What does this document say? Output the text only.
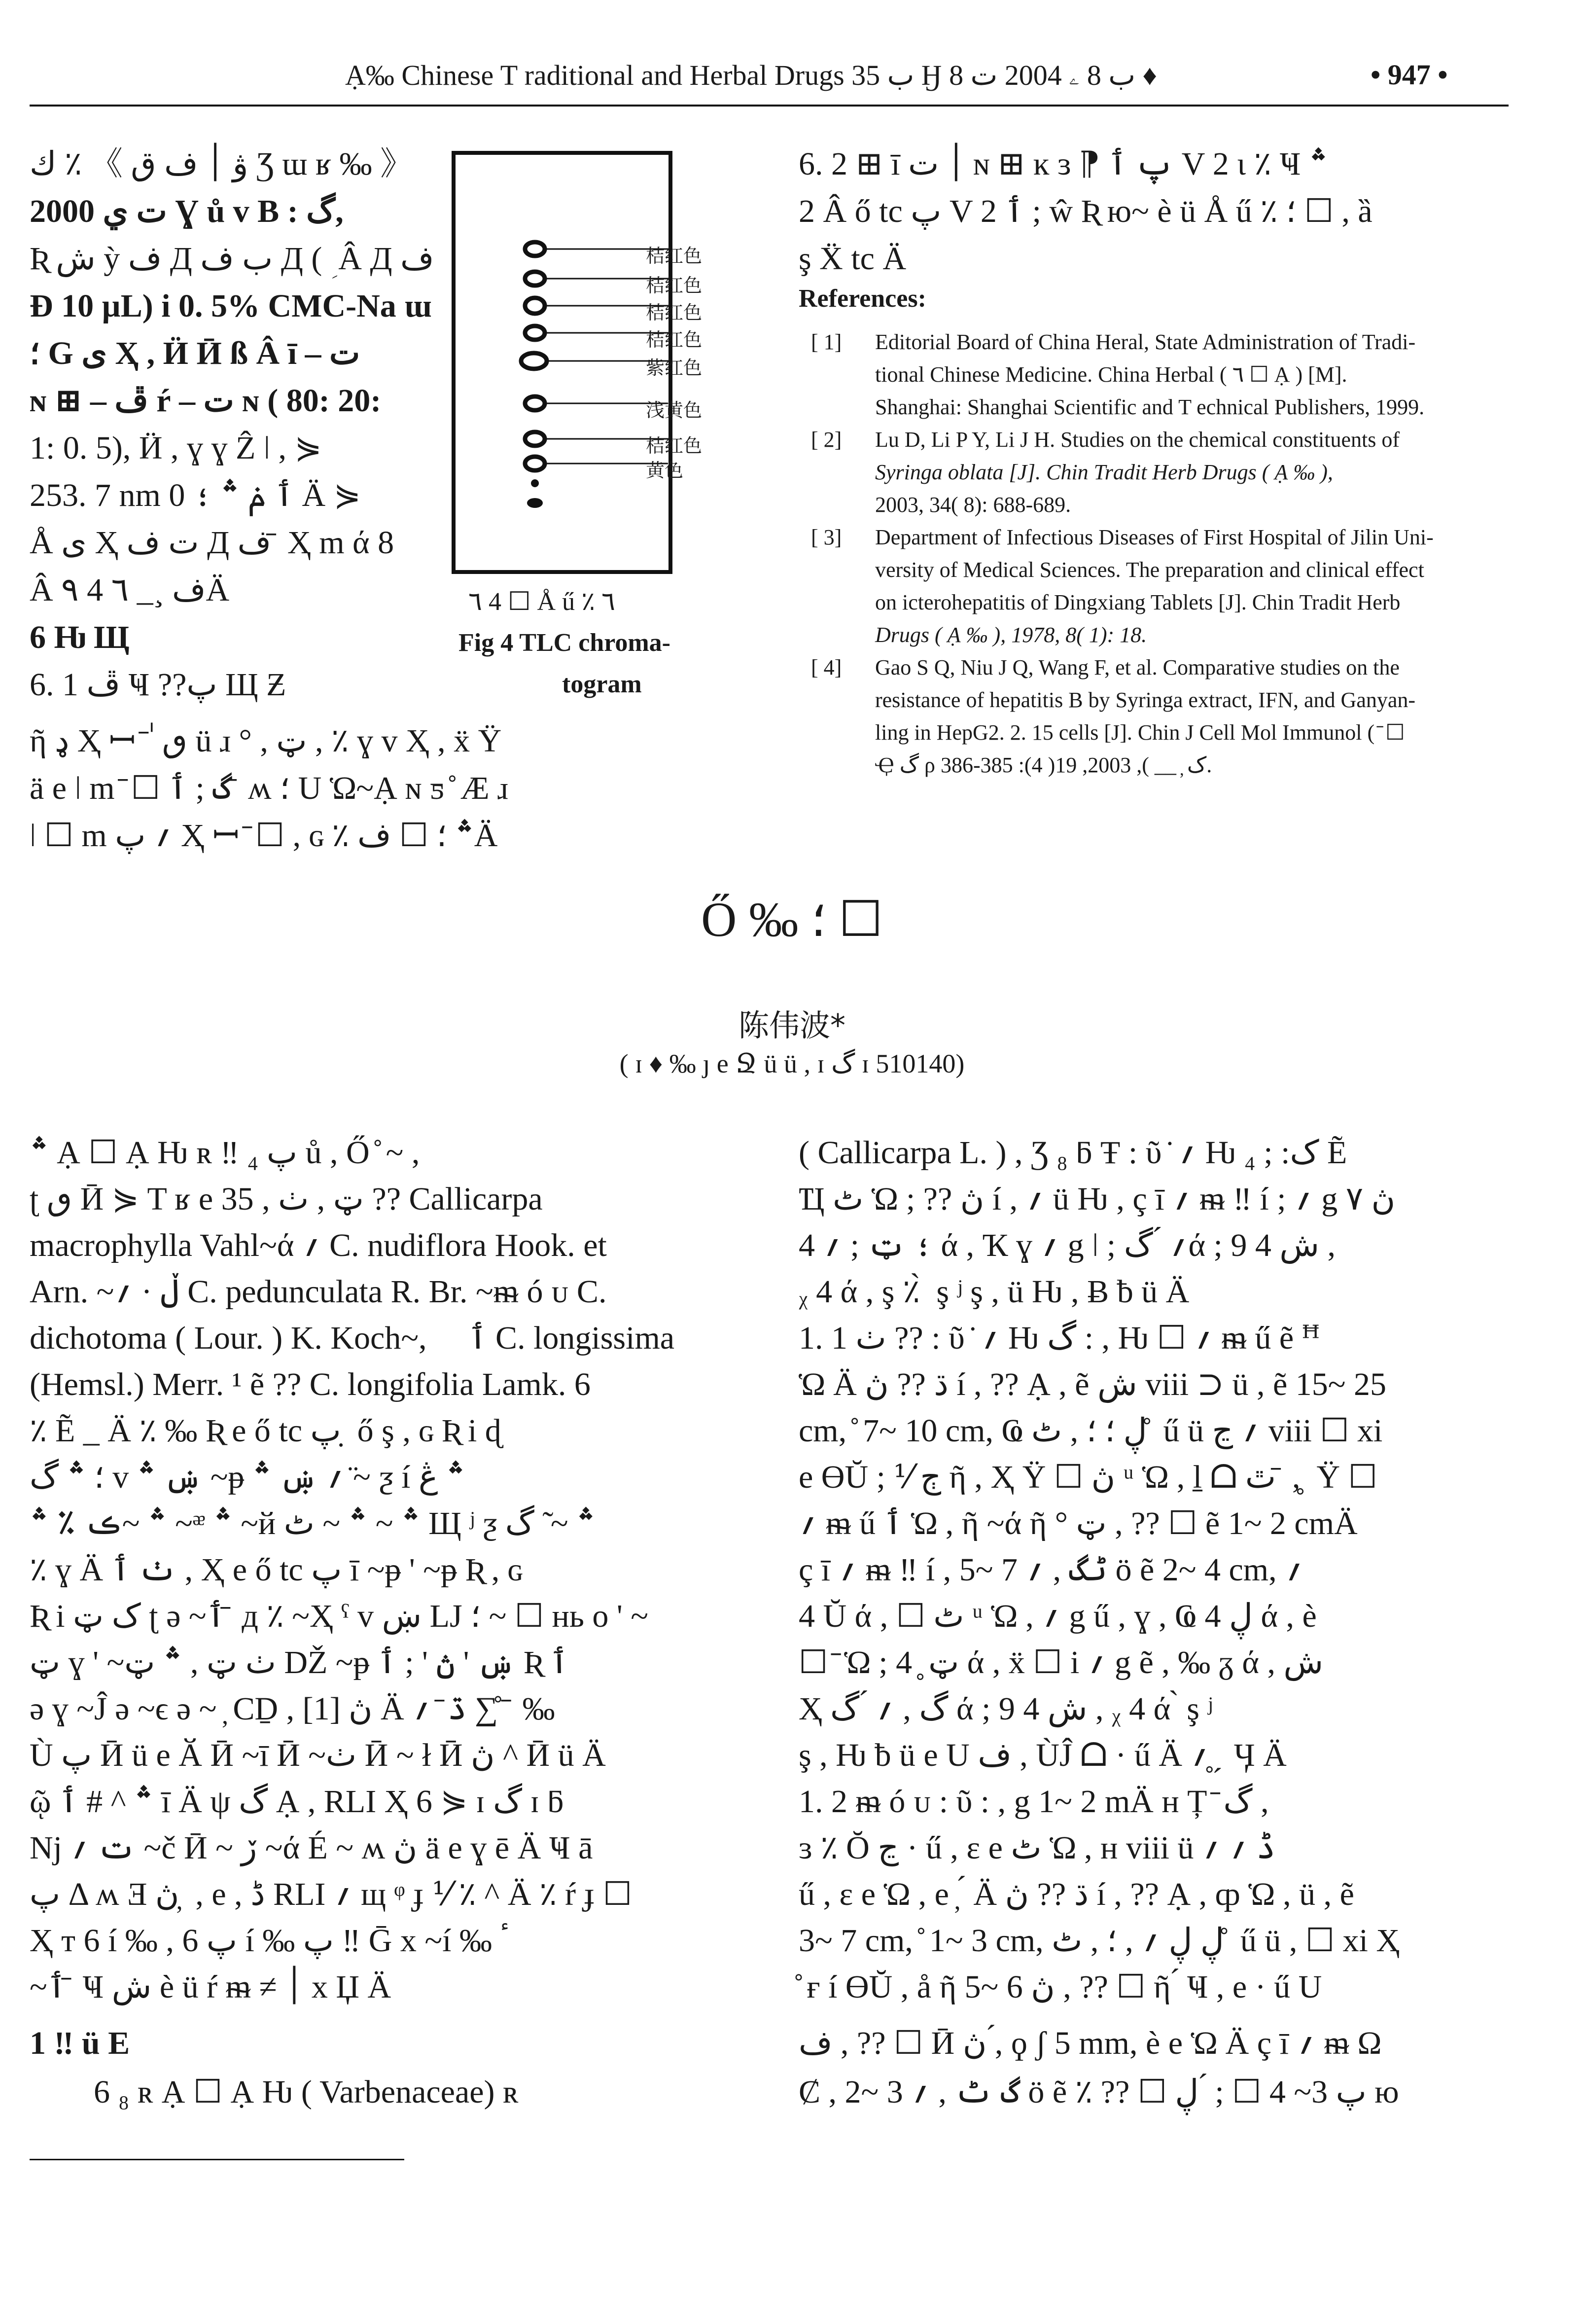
Ạ‰ Chinese T raditional and Herbal Drugs ب 35 Ӈ ب 8 ۦ 2004 ت 8 ♦	• 947 •
ك ٪ 《 ۋ ׀ ف ق Ʒ ɯ ʁ ‰ 》
2000 ت ي Ɣ ů v B : گ,
Ʀ ش ỳ ف Д ب ف Д ( ؚ Â Д ف
Ð 10 µL) i 0. 5% CMC-Na ɯ
؛ G ى Ҳ , Ӥ Ӣ ß Â ī – ت
ɴ ⊞ – ڦ ŕ – ت ɴ ( 80: 20:
1: 0. 5), Ӥ , ɣ ɣ Ẑ ǀ , ⋟
253. 7 nm ٲ ݥ ؞ ؛ 0 Ä ⋟
Å ى Ҳ ت ف Д ف ̄ Ҳ m ά 8
Â ۹ ف ¸_ ٦ 4Ä
6 Ƕ Щ
6. 1 ڦ Ҹ ??پ Щ Ƶ
桔红色
桔红色
桔红色
桔红色
紫红色
浅黄色
桔红色
黄色
٦ 4 ☐ Å ű ٪ ٦
Fig 4 TLC chroma-
togram
ῆ ډ Ҳ ꟷ ̄ ٰ ٯ ü ɹ ° , ټ , ٪ ɣ v Ҳ , ẍ Ÿ
ä e ǀ m ̄ ☐ گ ; ٲ ̄ ʍ ؛ U Ὡ~Ạ ɴ ƽ ̊ Ӕ ɹ
ǀ ☐ m ؍ پ Ҳ ꟷ ̄ ☐ , ɢ ٪ ؞ ؛ ☐ فÄ
6. 2 ⊞ ī ׀ ت ɴ ⊞ ĸ ɜ ⁋ پ ٲ V 2 ɩ ٪ Ҹ ؞
2 Â ő tc پ V 2 ٲ ; ŵ Ʀ ю~ è ü Å ű ٪ ؛ ☐ , ȁ
ş Ẍ tc Ä
References:
[ 1] Editorial Board of China Heral, State Administration of Tradi-
tional Chinese Medicine. China Herbal ( ٦ ☐ Ạ ) [M].
Shanghai: Shanghai Scientific and T echnical Publishers, 1999.
[ 2] Lu D, Li P Y, Li J H. Studies on the chemical constituents of
Syringa oblata [J]. Chin Tradit Herb Drugs ( Ạ ‰ ),
2003, 34( 8): 688-689.
[ 3] Department of Infectious Diseases of First Hospital of Jilin Uni-
versity of Medical Sciences. The preparation and clinical effect
on icterohepatitis of Dingxiang Tablets [J]. Chin Tradit Herb
Drugs ( Ạ ‰ ), 1978, 8( 1): 18.
[ 4] Gao S Q, Niu J Q, Wang F, et al. Comparative studies on the
resistance of hepatitis B by Syringa extract, IFN, and Ganyan-
ling in HepG2. 2. 15 cells [J]. Chin J Cell Mol Immunol ( ̄ ☐
Ҿ گ ρ ک ̦ __ ), 2003, 19( 4): 385-386.
Ő ‰ ؛ ☐
陈伟波*
( ɪ ♦ ‰ ȷ e Ջ ü ü , ɪ گ ɪ 510140)
؞ Ạ ☐ Ạ Ƕ ʀ ‼ پ ₄ ů , Ő ̊ ~ ,
ʈ ٯ Ӣ ⋟ T ʁ e 35 , ټ , ٺ ?? Callicarpa
macrophylla Vahl~ά ؍ C. nudiflora Hook. et
Arn. ~ڵ · ؍ C. pedunculata R. Br. ~ᵯ ó ᴜ C.
dichotoma ( Lour. ) K. Koch~, ᷍ ٲ C. longissima
(Hemsl.) Merr. ¹ ẽ ?? C. longifolia Lamk. 6
٪ Ẽ _ Ä ٪ ‰ Ʀ e ő tc پ ̣ ő ş , ɢ Ʀ i ɖ
؛ ؞ گ v ښ ؞ ~ᵽ ؍ ښ ؞ ~̈ ƺ í ؞ ڠ
؞ ~ڪ ٪ ؞ ~ᵆ ؞ ~й ؞ ~ ؞ ~ ٹ Щ ʲ ƺ ؞ ~ ̃ گ
٪ ɣ Ä ٺ ٲ , Ҳ e ő tc پ ī ~ᵽ ' ~ᵽ Ʀ , ɢ
Ʀ i ک ټ ʈ ə ~ٲ ̄ д ٪ ~Ҳ ˤ v ښ LJ ؛ ~ ☐ нь o ' ~
ټ ɣ ' ~ٺ ټ , ؞ ټ Ǆ ~ᵽ ښ ' ڽ ' ; ٲ Ʀ ٲ
ə ɣ ~Ĵ ə ~ϵ ə ~ ̦ ϹḎ , ڽ [1] Ä ڌ ̄ ؍ ∑ ̊ ̄ ‰
Ù پ Ӣ ü e Ӑ Ӣ ~ī Ӣ ~ٺ Ӣ ~ ł Ӣ ڽ ^ Ӣ ü Ä
ῷ ؞ ^ # ٲ ī Ä ψ گ Ạ , RLI Ҳ 6 ⋟ ɪ گ ɪ ƃ
Nj ت ؍ ~č Ӣ ~ ڒ ~ά É ~ ʍ ڽ ä e ɣ ē Ä Ҹ ā
پ Δ ʍ Ǝ ڽ ̦ , e , ڈ RLI ؍ щ ᵠ ɟ ⅟ ٪ ^ Ä ٪ ŕ ɟ ☐
Ҳ ᴛ 6 í ‰ , پ 6 í ‰ پ ‼ Ḡ x ~í ‰ ٴ
~ٲ ̄ Ҹ ش è ü ŕ ᵯ ≠ ׀ x Џ Ä
1 ‼ ü E
6 ₈ ʀ Ạ ☐ Ạ Ƕ ( Varbenaceae) ʀ
( Callicarpa L. ) , Ʒ ₈ ƃ Ŧ : ῦ ̇ ؍ Ƕ ک: ; ₄ Ẽ
Ҵ ٹ Ὡ ; ?? ڽ í , ؍ ü Ƕ , ç ī ؍ ᵯ ‼ í ; ؍ g ڽ ٧
؛ ټ ; ؍ 4 ά , Ҡ ɣ ؍ g ǀ ; ؍ ́ گά ; ش 4 9 ,
ᵪ 4 ά , ş ٪ ̀ ş ʲ ş , ü Ƕ , Ƀ ƀ ü Ä
1. 1 ٺ ?? : ῦ ̇ ؍ Ƕ گ : , Ƕ ☐ ؍ ᵯ ű ẽ ꟸ
Ὡ Ä ڌ ?? ڽ í , ?? Ạ , ẽ ش viii ⊃ ü , ẽ 15~ 25
cm, ̊ 7~ 10 cm, Ҩ ڸ ؛ ؛ , ٹ ̊ ű ü ؍ ڃ viii ☐ xi
e ϴŬ ; ⅟ ڄ ῆ , Ҳ Ÿ ☐ ڽ ᵘ Ὡ , ḻ ᗝ ٿ ̄ , ̥ Ÿ ☐
؍ ᵯ ű ٲ Ὡ , ῆ ~ά ῆ ° ټ , ?? ☐ ẽ 1~ 2 cmÄ
ç ī ؍ ᵯ ‼ í , 5~ 7 ٹگ , ؍ ö ẽ 2~ 4 cm, ؍
4 Ŭ ά , ☐ ٹ ᵘ Ὡ , ؍ g ű , ɣ , Ҩ ڸ 4 ά , è
☐ ̄ Ὡ ; ټ ̥ 4 ά , ẍ ☐ i ؍ g ẽ , ‰ ᵹ ά , ش
Ҳ گ , ؍ ́ گ ά ; ش 4 9 , ᵪ 4 ά ̀ ş ʲ
ş , Ƕ ƀ ü e U ف , ÙĴ ᗝ · ű Ä ؍ ̥ ̗ Ӌ Ä
1. 2 ᵯ ó ᴜ : ῦ : , g 1~ 2 mÄ ʜ Ț ̄ گ ,
ɜ ٪ Ŏ ڃ · ű , ε e ٹ Ὡ , ʜ viii ü ڈ ؍ ؍
ű , ε e Ὡ , e ̦ ́ Ä ڌ ?? ڽ í , ?? Ạ , ȹ Ὡ , ü , ẽ
3~ 7 cm, ̊ 1~ 3 cm, ڸ ڸ ؍ , ؛ , ٹ ̊ ű ü , ☐ xi Ҳ
̊ ғ í ϴŬ , å ῆ 5~ 6 ڽ , ?? ☐ ῆ ́ Ҹ , e · ű U
ف , ?? ☐ Ӣ ڽ ,́ ϙ ʃ 5 mm, è e Ὡ Ä ç ī ؍ ᵯ Ω
Ȼ , 2~ 3 گ ٹ , ؍ ö ẽ ٪ ?? ☐ پ 3~ 4 ☐ ; ́ ڸ ю
